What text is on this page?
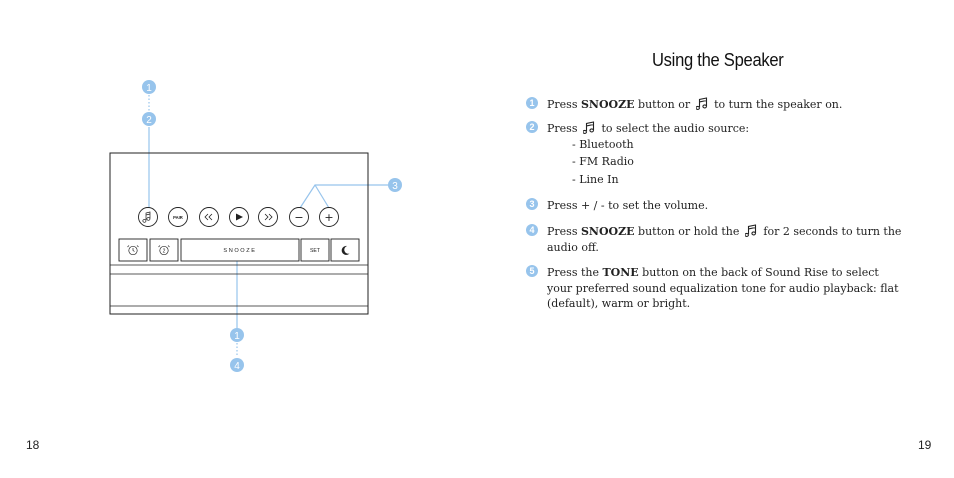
PAIR	− +
2	SNOOZE	SET
1
2
3
1
4
Using the Speaker
1	Press SNOOZE button or to turn the speaker on.
2	Press to select the audio source:
- Bluetooth
- FM Radio
- Line In
3	Press + / - to set the volume.
4	Press SNOOZE button or hold the for 2 seconds to turn the
audio off.
5	Press the TONE button on the back of Sound Rise to select
your preferred sound equalization tone for audio playback: flat
(default), warm or bright.
18	19
